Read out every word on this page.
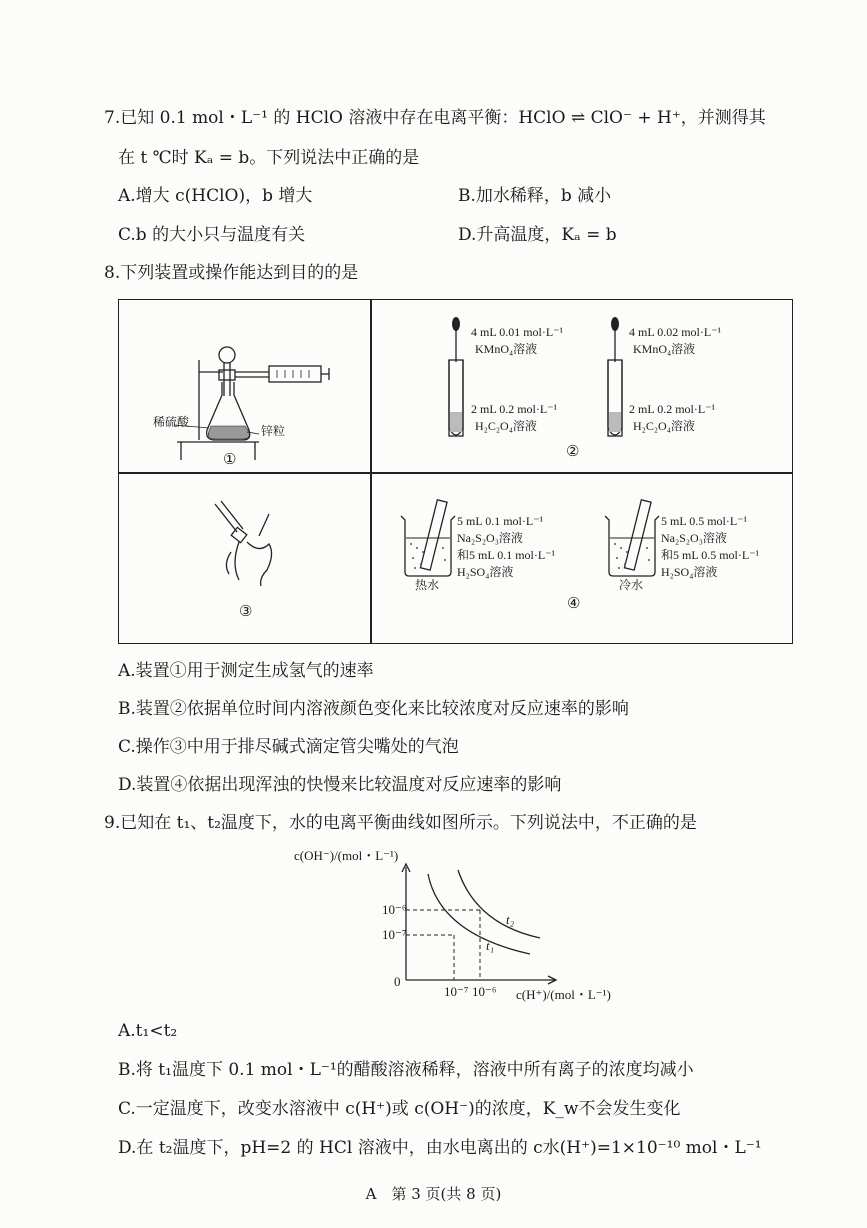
7.已知 0.1 mol・L⁻¹ 的 HClO 溶液中存在电离平衡：HClO ⇌ ClO⁻ + H⁺，并测得其
在 t ℃时 Kₐ = b。下列说法中正确的是
A.增大 c(HClO)，b 增大	B.加水稀释，b 减小
C.b 的大小只与温度有关	D.升高温度，Kₐ = b
8.下列装置或操作能达到目的的是
稀硫酸
锌粒
①
4 mL 0.01 mol·L⁻¹
KMnO₄溶液
2 mL 0.2 mol·L⁻¹
H₂C₂O₄溶液
4 mL 0.02 mol·L⁻¹
KMnO₄溶液
2 mL 0.2 mol·L⁻¹
H₂C₂O₄溶液
②
③
5 mL 0.1 mol·L⁻¹
Na₂S₂O₃溶液
和5 mL 0.1 mol·L⁻¹
H₂SO₄溶液
热水
5 mL 0.5 mol·L⁻¹
Na₂S₂O₃溶液
和5 mL 0.5 mol·L⁻¹
H₂SO₄溶液
冷水
④
A.装置①用于测定生成氢气的速率
B.装置②依据单位时间内溶液颜色变化来比较浓度对反应速率的影响
C.操作③中用于排尽碱式滴定管尖嘴处的气泡
D.装置④依据出现浑浊的快慢来比较温度对反应速率的影响
9.已知在 t₁、t₂温度下，水的电离平衡曲线如图所示。下列说法中，不正确的是
c(OH⁻)/(mol・L⁻¹)
10⁻⁶
10⁻⁷
0
10⁻⁷ 10⁻⁶ c(H⁺)/(mol・L⁻¹)
t₂
t₁
A.t₁<t₂
B.将 t₁温度下 0.1 mol・L⁻¹的醋酸溶液稀释，溶液中所有离子的浓度均减小
C.一定温度下，改变水溶液中 c(H⁺)或 c(OH⁻)的浓度，K_w不会发生变化
D.在 t₂温度下，pH=2 的 HCl 溶液中，由水电离出的 c水(H⁺)=1×10⁻¹⁰ mol・L⁻¹
A　第 3 页(共 8 页)
